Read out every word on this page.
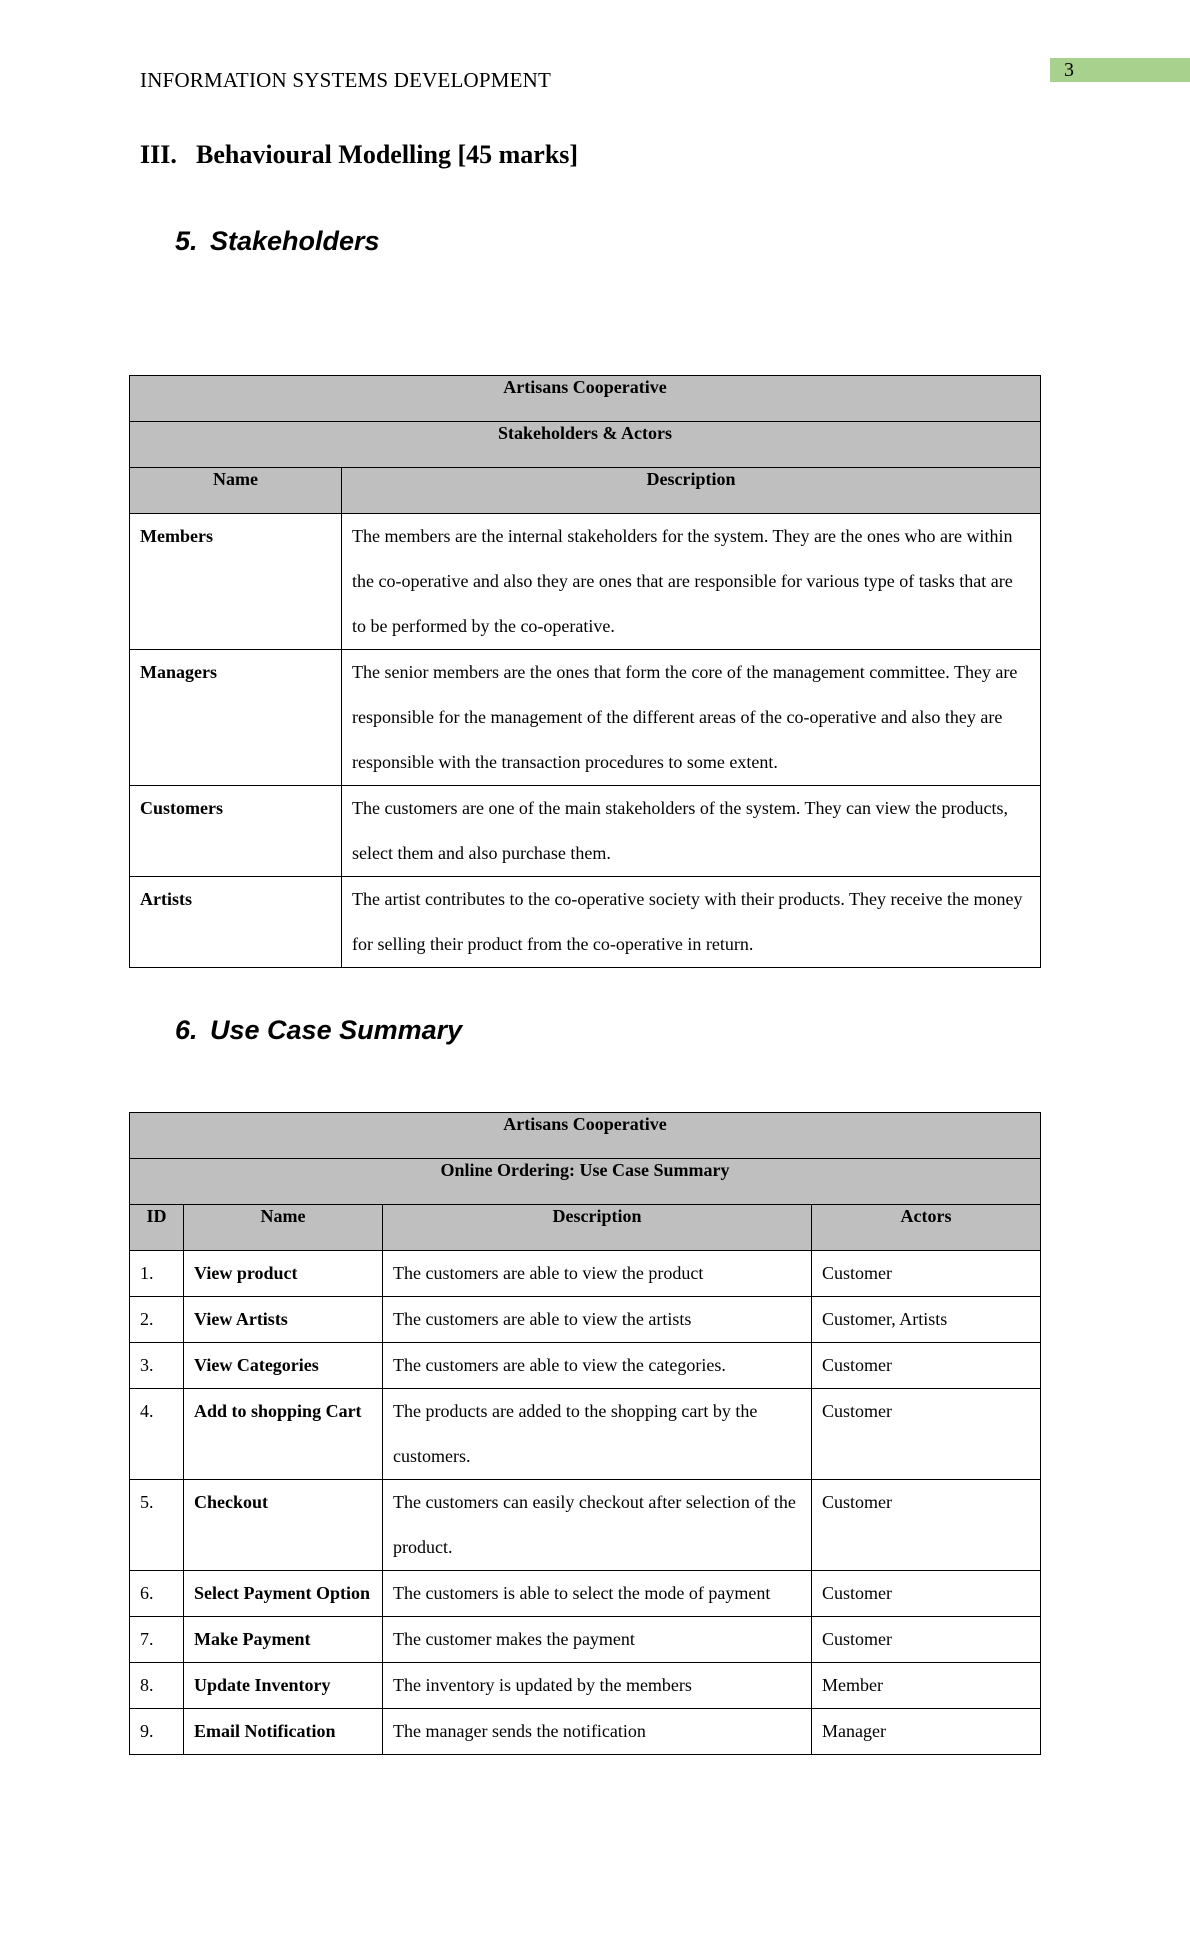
INFORMATION SYSTEMS DEVELOPMENT	3
III. Behavioural Modelling [45 marks]
5. Stakeholders
Artisans Cooperative	

Stakeholders & Actors	

Name	Description

Members	The members are the internal stakeholders for the system. They are the ones who are within the co-operative and also they are ones that are responsible for various type of tasks that are to be performed by the co-operative.
Managers	The senior members are the ones that form the core of the management committee. They are responsible for the management of the different areas of the co-operative and also they are responsible with the transaction procedures to some extent.
Customers	The customers are one of the main stakeholders of the system. They can view the products, select them and also purchase them.
Artists	The artist contributes to the co-operative society with their products. They receive the money for selling their product from the co-operative in return.
6. Use Case Summary
Artisans Cooperative			

Online Ordering: Use Case Summary			

ID	Name	Description	Actors

1.	View product	The customers are able to view the product	Customer
2.	View Artists	The customers are able to view the artists	Customer, Artists
3.	View Categories	The customers are able to view the categories.	Customer
4.	Add to shopping Cart	The products are added to the shopping cart by the customers.	Customer
5.	Checkout	The customers can easily checkout after selection of the product.	Customer
6.	Select Payment Option	The customers is able to select the mode of payment	Customer
7.	Make Payment	The customer makes the payment	Customer
8.	Update Inventory	The inventory is updated by the members	Member
9.	Email Notification	The manager sends the notification	Manager
